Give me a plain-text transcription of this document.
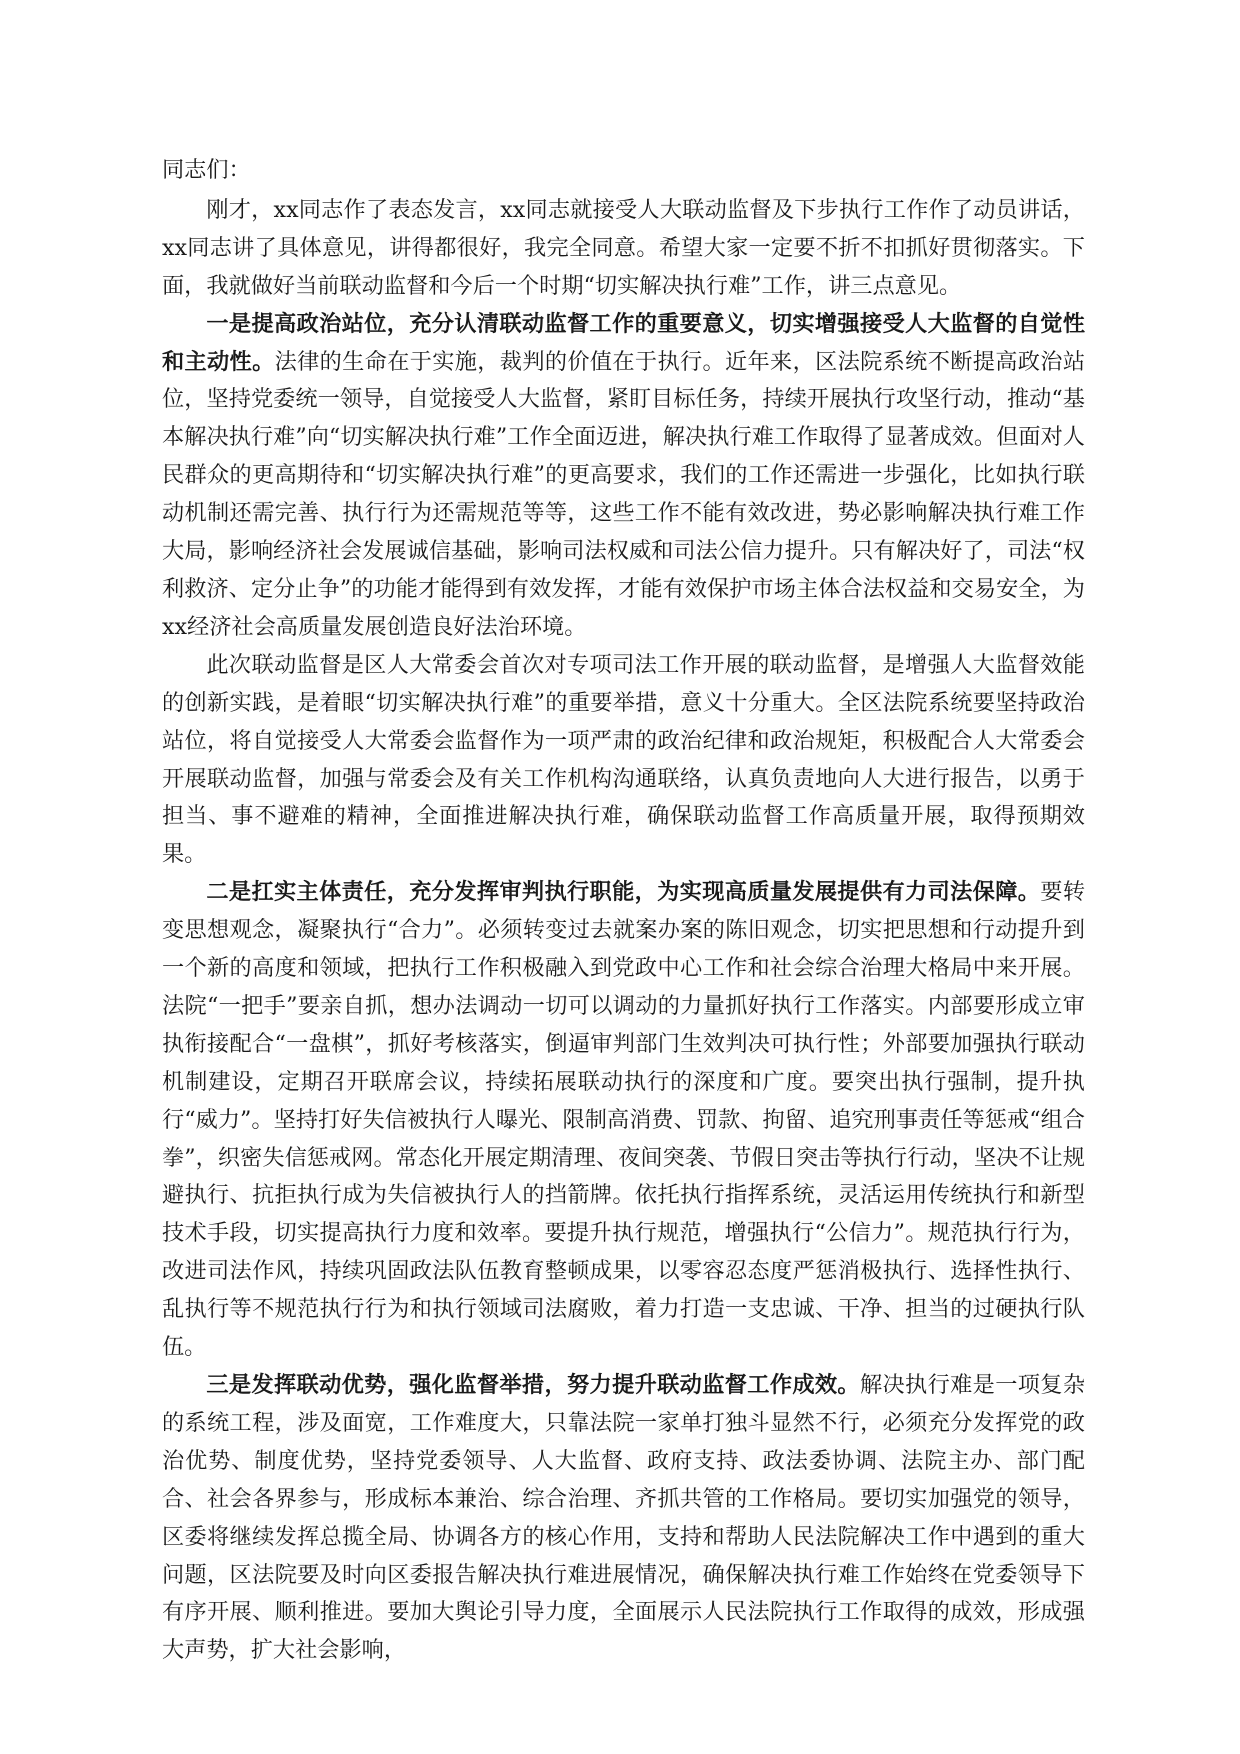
同志们：

刚才，xx同志作了表态发言，xx同志就接受人大联动监督及下步执行工作作了动员讲话，xx同志讲了具体意见，讲得都很好，我完全同意。希望大家一定要不折不扣抓好贯彻落实。下面，我就做好当前联动监督和今后一个时期“切实解决执行难”工作，讲三点意见。

一是提高政治站位，充分认清联动监督工作的重要意义，切实增强接受人大监督的自觉性和主动性。法律的生命在于实施，裁判的价值在于执行。近年来，区法院系统不断提高政治站位，坚持党委统一领导，自觉接受人大监督，紧盯目标任务，持续开展执行攻坚行动，推动“基本解决执行难”向“切实解决执行难”工作全面迈进，解决执行难工作取得了显著成效。但面对人民群众的更高期待和“切实解决执行难”的更高要求，我们的工作还需进一步强化，比如执行联动机制还需完善、执行行为还需规范等等，这些工作不能有效改进，势必影响解决执行难工作大局，影响经济社会发展诚信基础，影响司法权威和司法公信力提升。只有解决好了，司法“权利救济、定分止争”的功能才能得到有效发挥，才能有效保护市场主体合法权益和交易安全，为xx经济社会高质量发展创造良好法治环境。

此次联动监督是区人大常委会首次对专项司法工作开展的联动监督，是增强人大监督效能的创新实践，是着眼“切实解决执行难”的重要举措，意义十分重大。全区法院系统要坚持政治站位，将自觉接受人大常委会监督作为一项严肃的政治纪律和政治规矩，积极配合人大常委会开展联动监督，加强与常委会及有关工作机构沟通联络，认真负责地向人大进行报告，以勇于担当、事不避难的精神，全面推进解决执行难，确保联动监督工作高质量开展，取得预期效果。

二是扛实主体责任，充分发挥审判执行职能，为实现高质量发展提供有力司法保障。要转变思想观念，凝聚执行“合力”。必须转变过去就案办案的陈旧观念，切实把思想和行动提升到一个新的高度和领域，把执行工作积极融入到党政中心工作和社会综合治理大格局中来开展。法院“一把手”要亲自抓，想办法调动一切可以调动的力量抓好执行工作落实。内部要形成立审执衔接配合“一盘棋”，抓好考核落实，倒逼审判部门生效判决可执行性；外部要加强执行联动机制建设，定期召开联席会议，持续拓展联动执行的深度和广度。要突出执行强制，提升执行“威力”。坚持打好失信被执行人曝光、限制高消费、罚款、拘留、追究刑事责任等惩戒“组合拳”，织密失信惩戒网。常态化开展定期清理、夜间突袭、节假日突击等执行行动，坚决不让规避执行、抗拒执行成为失信被执行人的挡箭牌。依托执行指挥系统，灵活运用传统执行和新型技术手段，切实提高执行力度和效率。要提升执行规范，增强执行“公信力”。规范执行行为，改进司法作风，持续巩固政法队伍教育整顿成果，以零容忍态度严惩消极执行、选择性执行、乱执行等不规范执行行为和执行领域司法腐败，着力打造一支忠诚、干净、担当的过硬执行队伍。

三是发挥联动优势，强化监督举措，努力提升联动监督工作成效。解决执行难是一项复杂的系统工程，涉及面宽，工作难度大，只靠法院一家单打独斗显然不行，必须充分发挥党的政治优势、制度优势，坚持党委领导、人大监督、政府支持、政法委协调、法院主办、部门配合、社会各界参与，形成标本兼治、综合治理、齐抓共管的工作格局。要切实加强党的领导，区委将继续发挥总揽全局、协调各方的核心作用，支持和帮助人民法院解决工作中遇到的重大问题，区法院要及时向区委报告解决执行难进展情况，确保解决执行难工作始终在党委领导下有序开展、顺利推进。要加大舆论引导力度，全面展示人民法院执行工作取得的成效，形成强大声势，扩大社会影响，
